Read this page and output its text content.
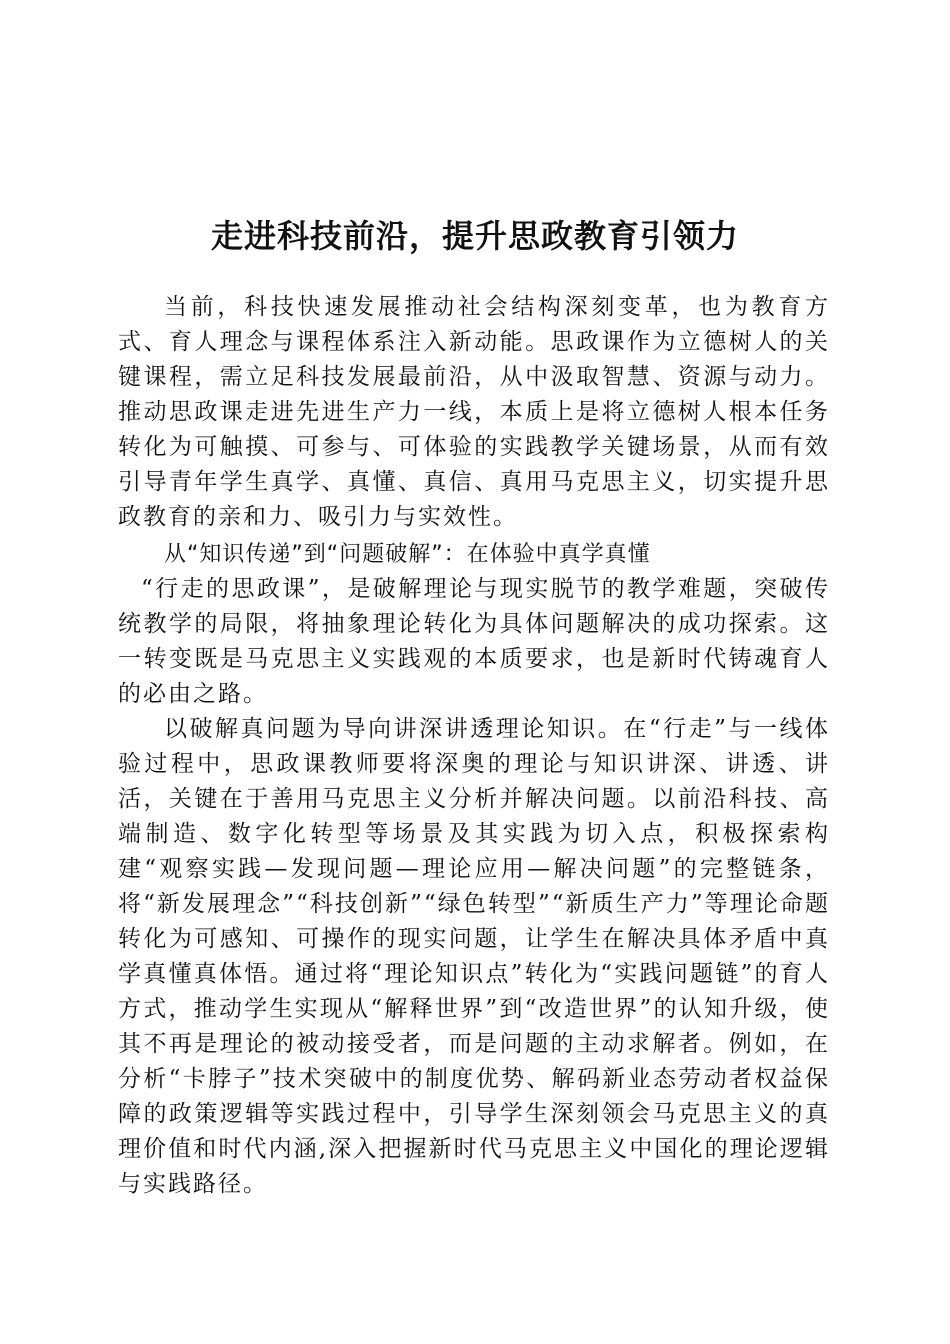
走进科技前沿，提升思政教育引领力

当前，科技快速发展推动社会结构深刻变革，也为教育方式、育人理念与课程体系注入新动能。思政课作为立德树人的关键课程，需立足科技发展最前沿，从中汲取智慧、资源与动力。推动思政课走进先进生产力一线，本质上是将立德树人根本任务转化为可触摸、可参与、可体验的实践教学关键场景，从而有效引导青年学生真学、真懂、真信、真用马克思主义，切实提升思政教育的亲和力、吸引力与实效性。

从“知识传递”到“问题破解”：在体验中真学真懂

“行走的思政课”，是破解理论与现实脱节的教学难题，突破传统教学的局限，将抽象理论转化为具体问题解决的成功探索。这一转变既是马克思主义实践观的本质要求，也是新时代铸魂育人的必由之路。

以破解真问题为导向讲深讲透理论知识。在“行走”与一线体验过程中，思政课教师要将深奥的理论与知识讲深、讲透、讲活，关键在于善用马克思主义分析并解决问题。以前沿科技、高端制造、数字化转型等场景及其实践为切入点，积极探索构建“观察实践—发现问题—理论应用—解决问题”的完整链条，将“新发展理念”“科技创新”“绿色转型”“新质生产力”等理论命题转化为可感知、可操作的现实问题，让学生在解决具体矛盾中真学真懂真体悟。通过将“理论知识点”转化为“实践问题链”的育人方式，推动学生实现从“解释世界”到“改造世界”的认知升级，使其不再是理论的被动接受者，而是问题的主动求解者。例如，在分析“卡脖子”技术突破中的制度优势、解码新业态劳动者权益保障的政策逻辑等实践过程中，引导学生深刻领会马克思主义的真理价值和时代内涵,深入把握新时代马克思主义中国化的理论逻辑与实践路径。
